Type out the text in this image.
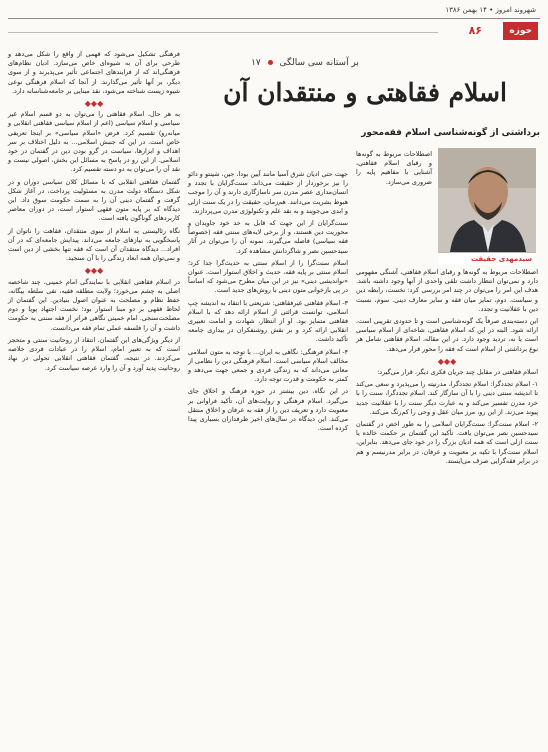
شهروند امروز • ۱۴ بهمن ۱۳۸۶
حوزه
۸۶
بر آستانه سی سالگی  ۱۷
اسلام فقاهتی و منتقدان آن
برداشتی از گونه‌شناسی اسلام فقه‌محور
سیدمهدی حقیقت

فرهنگی تشکیل می‌شود که فهمی از واقع را شکل می‌دهد و طرحی برای آن به شیوه‌ای خاص می‌سازد. ادیان نظام‌های فرهنگی‌اند که از فرایندهای اجتماعی تأثیر می‌پذیرند و از سوی دیگر، بر آنها تأثیر می‌گذارند. از آنجا که اسلام فرهنگی نوعی شیوه زیست شناخته می‌شود، نقد مبنایی بر جامعه‌شناسانه دارد.

◆◆◆

به هر حال، اسلام فقاهتی را می‌توان به دو قسم اسلام غیر سیاسی و اسلام سیاسی (اعم از اسلام سیاسی فقاهتی انقلابی و میانه‌رو) تقسیم کرد. فرض «اسلام سیاسی» بر اینجا تعریفی خاص است. در این که جنبش اسلامی... به دلیل اختلاف بر سر اهداف و ابزارها، سیاست در گرو بودن دین در گفتمان در خود اسلامی. از این رو در پاسخ به مسائل این بخش، اصولی نیست و نقد آن را می‌توان به دو دسته تقسیم کرد.

گفتمان فقاهتی انقلابی که با مسائل کلان سیاسی دوران و در شکل دستگاه دولت مدرن به مسئولیت پرداخت، در آغاز شکل گرفت و گفتمان دینی آن را به سمت حکومت سوق داد. این دیدگاه که بر پایه متون فقهی استوار است، در دوران معاصر کاربردهای گوناگون یافته است.

نگاه رئالیستی به اسلام از سوی منتقدان، فقاهت را ناتوان از پاسخگویی به نیازهای جامعه می‌داند. پیدایش جامعه‌ای که در آن افراد... دیدگاه منتقدان آن است که فقه تنها بخشی از دین است و نمی‌توان همه ابعاد زندگی را با آن سنجید.

◆◆◆

در اسلام فقاهتی انقلابی با نمایندگی امام خمینی، چند شاخصه اصلی به چشم می‌خورد؛ ولایت مطلقه فقیه، نفی سلطه بیگانه، حفظ نظام و مصلحت به عنوان اصول بنیادین. این گفتمان از لحاظ فقهی بر دو مبنا استوار بود؛ نخست اجتهاد پویا و دوم مصلحت‌سنجی. امام خمینی نگاهی فراتر از فقه سنتی به حکومت داشت و آن را فلسفه عملی تمام فقه می‌دانست.

از دیگر ویژگی‌های این گفتمان، انتقاد از روحانیت سنتی و متحجر است که به تعبیر امام، اسلام را در عبادات فردی خلاصه می‌کردند. در نتیجه، گفتمان فقاهتی انقلابی تحولی در نهاد روحانیت پدید آورد و آن را وارد عرصه سیاست کرد.

جهت حتی ادیان شرق آسیا مانند آیین بودا، جین، شینتو و دائو را نیز برخوردار از حقیقت می‌داند. سنت‌گرایان با تجدد و انسان‌مداری عصر مدرن سر ناسازگاری دارند و آن را موجب هبوط بشریت می‌دانند. هم‌زمان، حقیقت را در یک سنت ازلی و ابدی می‌جویند و به نقد علم و تکنولوژی مدرن می‌پردازند.

سنت‌گرایان از این جهت که قابل به حد خود جاویدان و محوریت دین هستند، و از برخی لایه‌های سنتی فقه (خصوصاً فقه سیاسی) فاصله می‌گیرند. نمونه آن را می‌توان در آثار سیدحسین نصر و شاگردانش مشاهده کرد.

اسلام سنت‌گرا را از اسلام سنتی به حدیث‌گرا جدا کرد؛ اسلام سنتی بر پایه فقه، حدیث و اخلاق استوار است. عنوان «نواندیشی دینی» نیز در این میان مطرح می‌شود که اساساً در پی بازخوانی متون دینی با روش‌های جدید است.

۳- اسلام فقاهتی غیرفقاهتی: شریعتی با انتقاد به اندیشه چپ اسلامی، توانست قرائتی از اسلام ارائه دهد که با اسلام فقاهتی متمایز بود. او از انتظار، شهادت و امامت تعبیری انقلابی ارائه کرد و بر نقش روشنفکران در بیداری جامعه تأکید داشت.

۴- اسلام فرهنگی: نگاهی به ایران... با توجه به متون اسلامی مخالف اسلام سیاسی است. اسلام فرهنگی دین را نظامی از معانی می‌داند که به زندگی فردی و جمعی جهت می‌دهد و کمتر به حکومت و قدرت توجه دارد.

در این نگاه، دین بیشتر در حوزه فرهنگ و اخلاق جای می‌گیرد. اسلام فرهنگی و روایت‌های آن، تأکید فراوانی بر معنویت دارد و تعریف دین را از فقه به عرفان و اخلاق منتقل می‌کند. این دیدگاه در سال‌های اخیر طرفداران بسیاری پیدا کرده است.

اصطلاحات مربوط به گونه‌ها و رقبای اسلام فقاهتی، آشنایی با مفاهیم پایه را ضروری می‌سازد.

اصطلاحات مربوط به گونه‌ها و رقبای اسلام فقاهتی، آشنگی مفهومی دارد و نمی‌توان انتظار داشت تلقی واحدی از آنها وجود داشته باشد. هدف این امر را می‌توان در چند امر بررسی کرد: نخست، رابطه دین و سیاست. دوم، تمایز میان فقه و سایر معارف دینی. سوم، نسبت دین با عقلانیت و تجدد.

این دسته‌بندی صرفاً یک گونه‌شناسی است و تا حدودی تقریبی است. ارائه شود. البته در این که اسلام فقاهتی، شاخه‌ای از اسلام سیاسی است یا نه، تردید وجود دارد. در این مقاله، اسلام فقاهتی شامل هر نوع برداشتی از اسلام است که فقه را محور قرار می‌دهد.

◆◆◆

اسلام فقاهتی در مقابل چند جریان فکری دیگر، قرار می‌گیرد:

۱- اسلام تجددگرا: اسلام تجددگرا، مدرنیته را می‌پذیرد و سعی می‌کند تا اندیشه سنتی دینی را با آن سازگار کند. اسلام تجددگرا، سنت را با خرد مدرن تفسیر می‌کند و به عبارت دیگر سنت را با عقلانیت جدید پیوند می‌زند. از این رو، مرز میان عقل و وحی را کم‌رنگ می‌کند.

۲- اسلام سنت‌گرا: سنت‌گرایان اسلامی را به طور اخص در گفتمان سیدحسین نصر می‌توان یافت. تأکید این گفتمان بر حکمت خالده یا سنت ازلی است که همه ادیان بزرگ را در خود جای می‌دهد. بنابراین، اسلام سنت‌گرا با تکیه بر معنویت و عرفان، در برابر مدرنیسم و هم در برابر فقه‌گرایی صرف می‌ایستد.
